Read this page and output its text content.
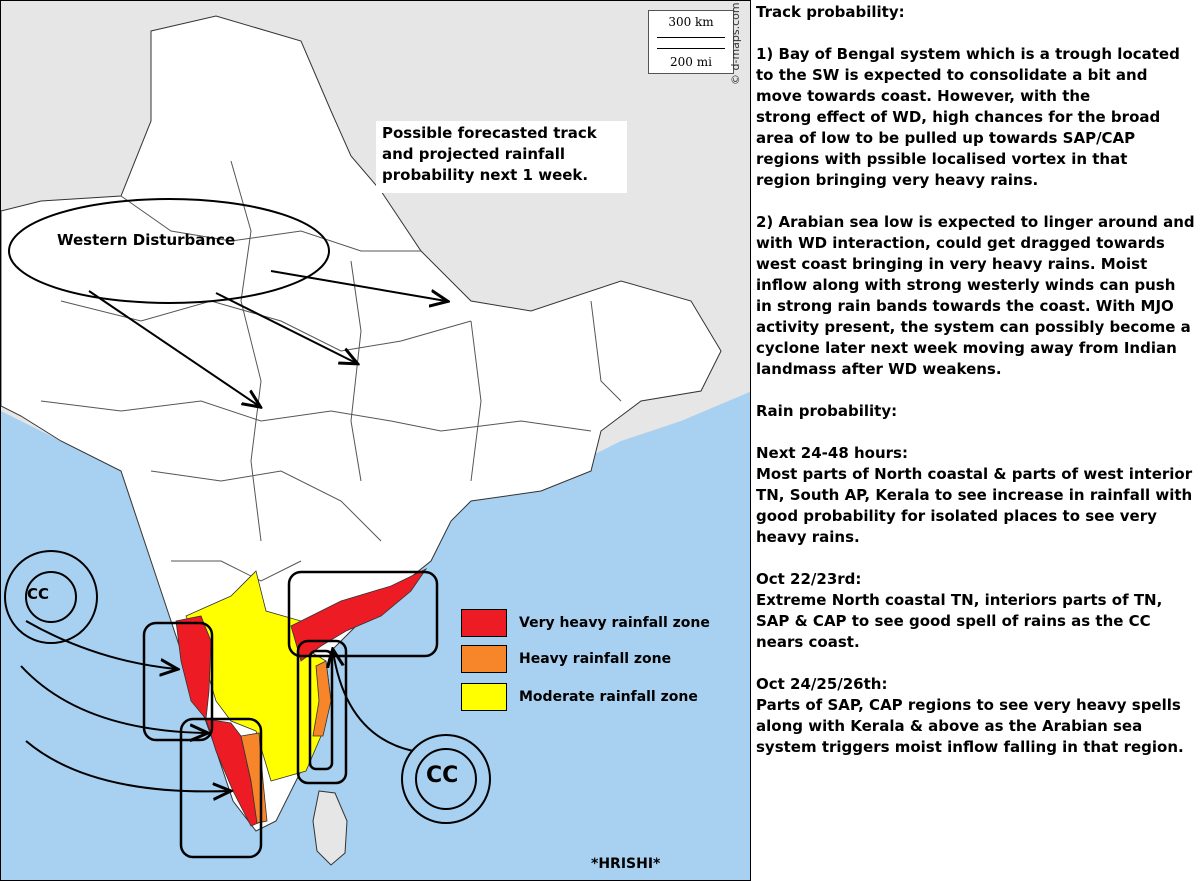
300 km
200 mi	© d-maps.com
Possible forecasted track and projected rainfall probability next 1 week.
Western Disturbance
CC
CC
Very heavy rainfall zone
Heavy rainfall zone
Moderate rainfall zone
*HRISHI*

Track probability:

1) Bay of Bengal system which is a trough located to the SW is expected to consolidate a bit and move towards coast. However, with the
strong effect of WD, high chances for the broad area of low to be pulled up towards SAP/CAP regions with pssible localised vortex in that
region bringing very heavy rains.

2) Arabian sea low is expected to linger around and with WD interaction, could get dragged towards west coast bringing in very heavy rains. Moist inflow along with strong westerly winds can push in strong rain bands towards the coast. With MJO activity present, the system can possibly become a cyclone later next week moving away from Indian landmass after WD weakens.

Rain probability:

Next 24-48 hours:
Most parts of North coastal & parts of west interior TN, South AP, Kerala to see increase in rainfall with good probability for isolated places to see very heavy rains.

Oct 22/23rd:
Extreme North coastal TN, interiors parts of TN, SAP & CAP to see good spell of rains as the CC nears coast.

Oct 24/25/26th:
Parts of SAP, CAP regions to see very heavy spells along with Kerala & above as the Arabian sea system triggers moist inflow falling in that region.
